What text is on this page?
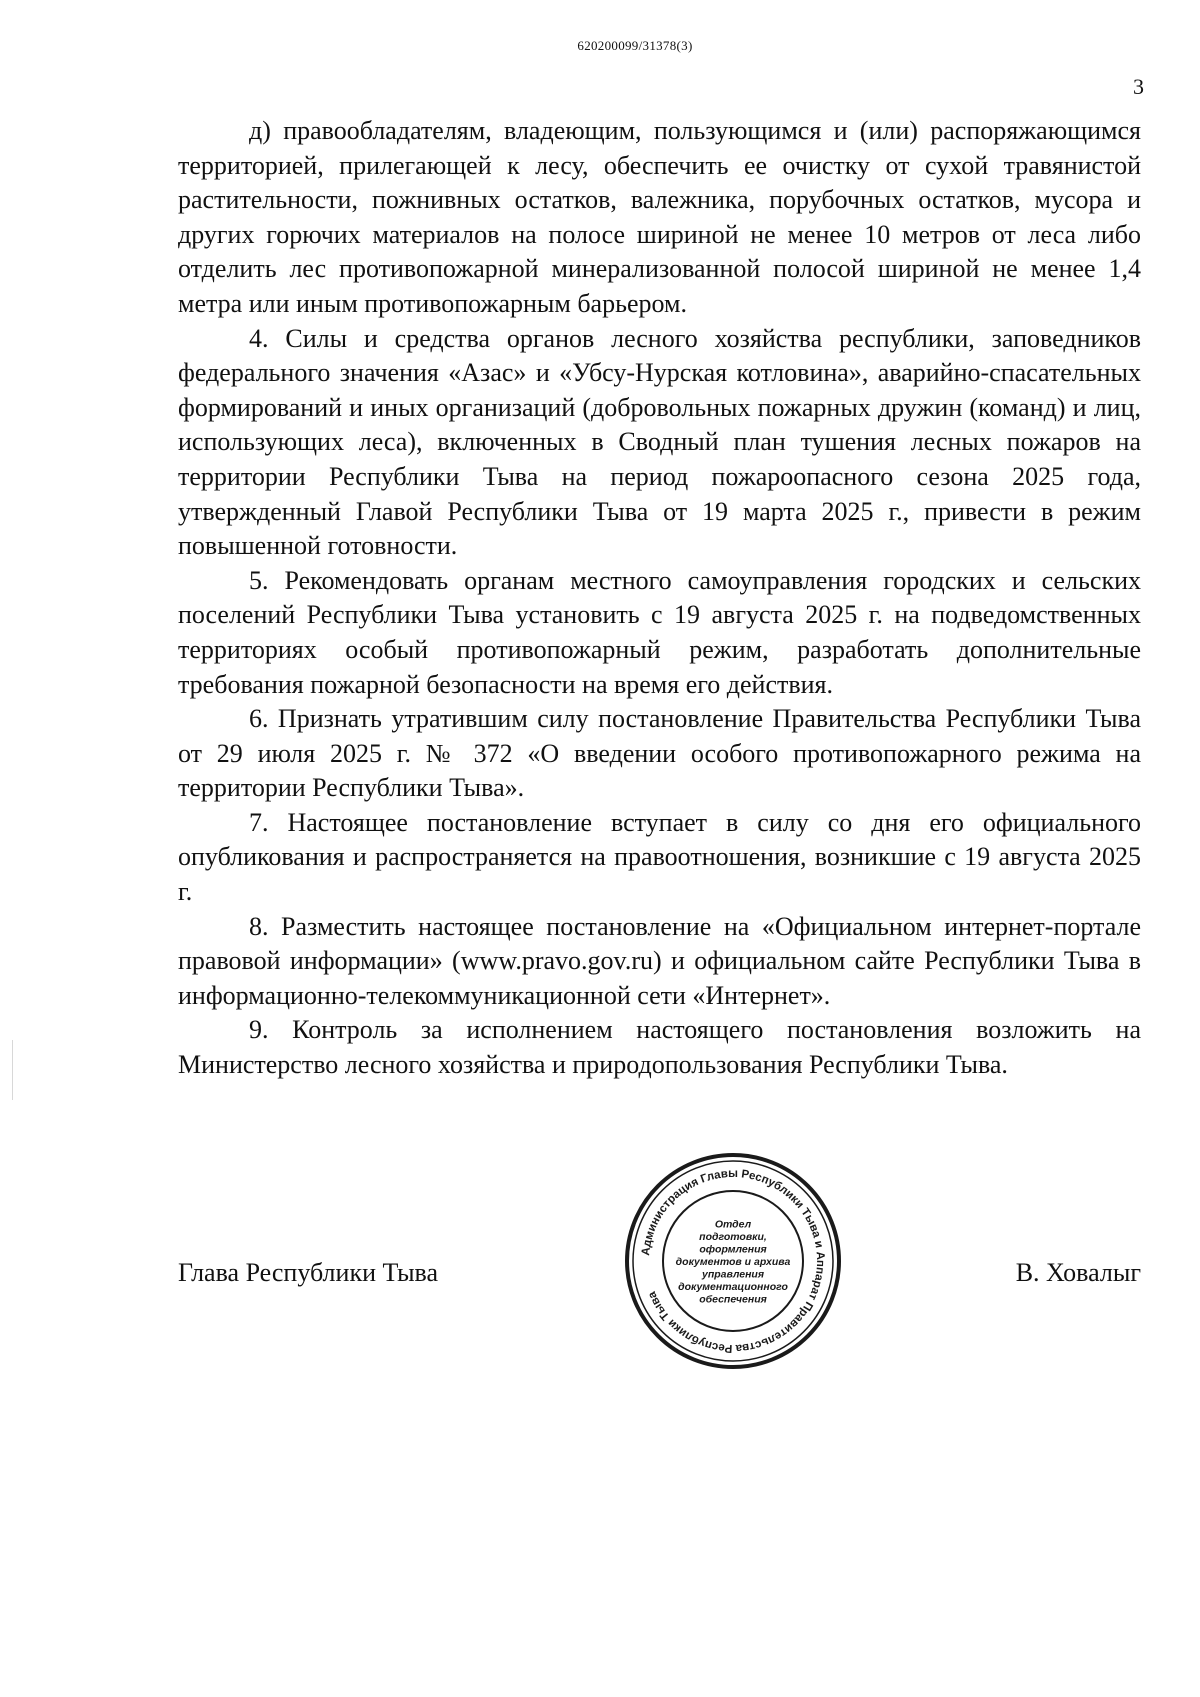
620200099/31378(3)
3

д) правообладателям, владеющим, пользующимся и (или) распоряжающимся территорией, прилегающей к лесу, обеспечить ее очистку от сухой травянистой растительности, пожнивных остатков, валежника, порубочных остатков, мусора и других горючих материалов на полосе шириной не менее 10 метров от леса либо отделить лес противопожарной минерализованной полосой шириной не менее 1,4 метра или иным противопожарным барьером.

4. Силы и средства органов лесного хозяйства республики, заповедников федерального значения «Азас» и «Убсу-Нурская котловина», аварийно-спасательных формирований и иных организаций (добровольных пожарных дружин (команд) и лиц, использующих леса), включенных в Сводный план тушения лесных пожаров на территории Республики Тыва на период пожароопасного сезона 2025 года, утвержденный Главой Республики Тыва от 19 марта 2025 г., привести в режим повышенной готовности.

5. Рекомендовать органам местного самоуправления городских и сельских поселений Республики Тыва установить с 19 августа 2025 г. на подведомственных территориях особый противопожарный режим, разработать дополнительные требования пожарной безопасности на время его действия.

6. Признать утратившим силу постановление Правительства Республики Тыва от 29 июля 2025 г. № 372 «О введении особого противопожарного режима на территории Республики Тыва».

7. Настоящее постановление вступает в силу со дня его официального опубликования и распространяется на правоотношения, возникшие с 19 августа 2025 г.

8. Разместить настоящее постановление на «Официальном интернет-портале правовой информации» (www.pravo.gov.ru) и официальном сайте Республики Тыва в информационно-телекоммуникационной сети «Интернет».

9. Контроль за исполнением настоящего постановления возложить на Министерство лесного хозяйства и природопользования Республики Тыва.

Глава Республики Тыва	В. Ховалыг
Администрация Главы Республики Тыва и Аппарат Правительства Республики Тыва
Отдел
подготовки,
оформления
документов и архива
управления
документационного
обеспечения
